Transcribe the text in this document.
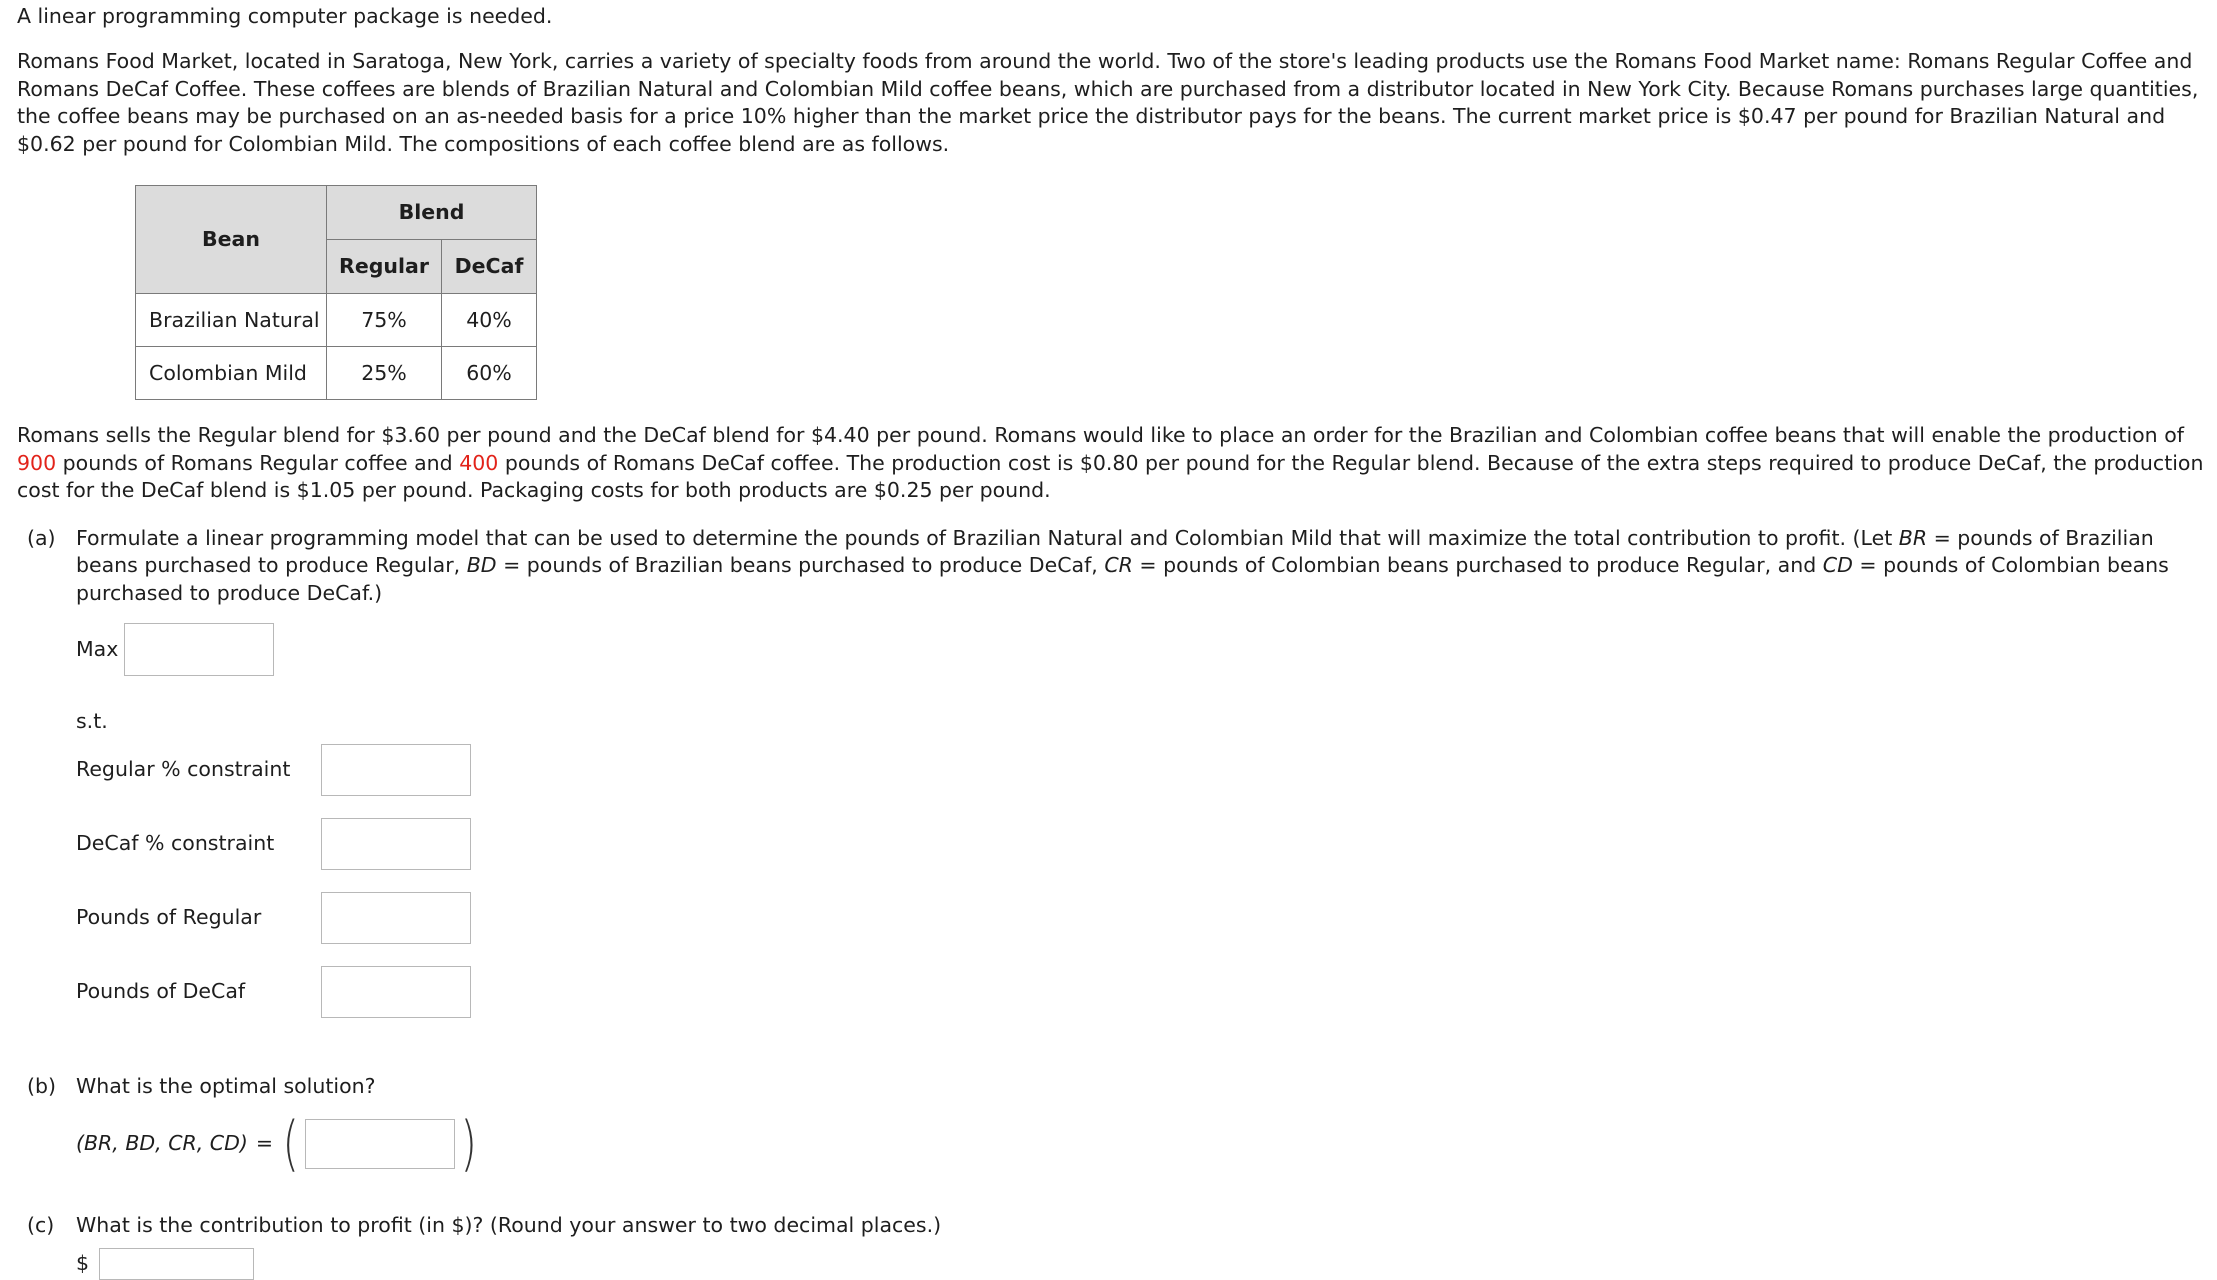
A linear programming computer package is needed.

Romans Food Market, located in Saratoga, New York, carries a variety of specialty foods from around the world. Two of the store's leading products use the Romans Food Market name: Romans Regular Coffee and Romans DeCaf Coffee. These coffees are blends of Brazilian Natural and Colombian Mild coffee beans, which are purchased from a distributor located in New York City. Because Romans purchases large quantities, the coffee beans may be purchased on an as-needed basis for a price 10% higher than the market price the distributor pays for the beans. The current market price is $0.47 per pound for Brazilian Natural and $0.62 per pound for Colombian Mild. The compositions of each coffee blend are as follows.

Bean	Blend	
	Regular	DeCaf
Brazilian Natural	75%	40%
Colombian Mild	25%	60%

Romans sells the Regular blend for $3.60 per pound and the DeCaf blend for $4.40 per pound. Romans would like to place an order for the Brazilian and Colombian coffee beans that will enable the production of 900 pounds of Romans Regular coffee and 400 pounds of Romans DeCaf coffee. The production cost is $0.80 per pound for the Regular blend. Because of the extra steps required to produce DeCaf, the production cost for the DeCaf blend is $1.05 per pound. Packaging costs for both products are $0.25 per pound.

(a) Formulate a linear programming model that can be used to determine the pounds of Brazilian Natural and Colombian Mild that will maximize the total contribution to profit. (Let BR = pounds of Brazilian beans purchased to produce Regular, BD = pounds of Brazilian beans purchased to produce DeCaf, CR = pounds of Colombian beans purchased to produce Regular, and CD = pounds of Colombian beans purchased to produce DeCaf.)

Max
s.t.
Regular % constraint
DeCaf % constraint
Pounds of Regular
Pounds of DeCaf
(b) What is the optimal solution?

(BR, BD, CR, CD) = (	)
(c) What is the contribution to profit (in $)? (Round your answer to two decimal places.)

$
